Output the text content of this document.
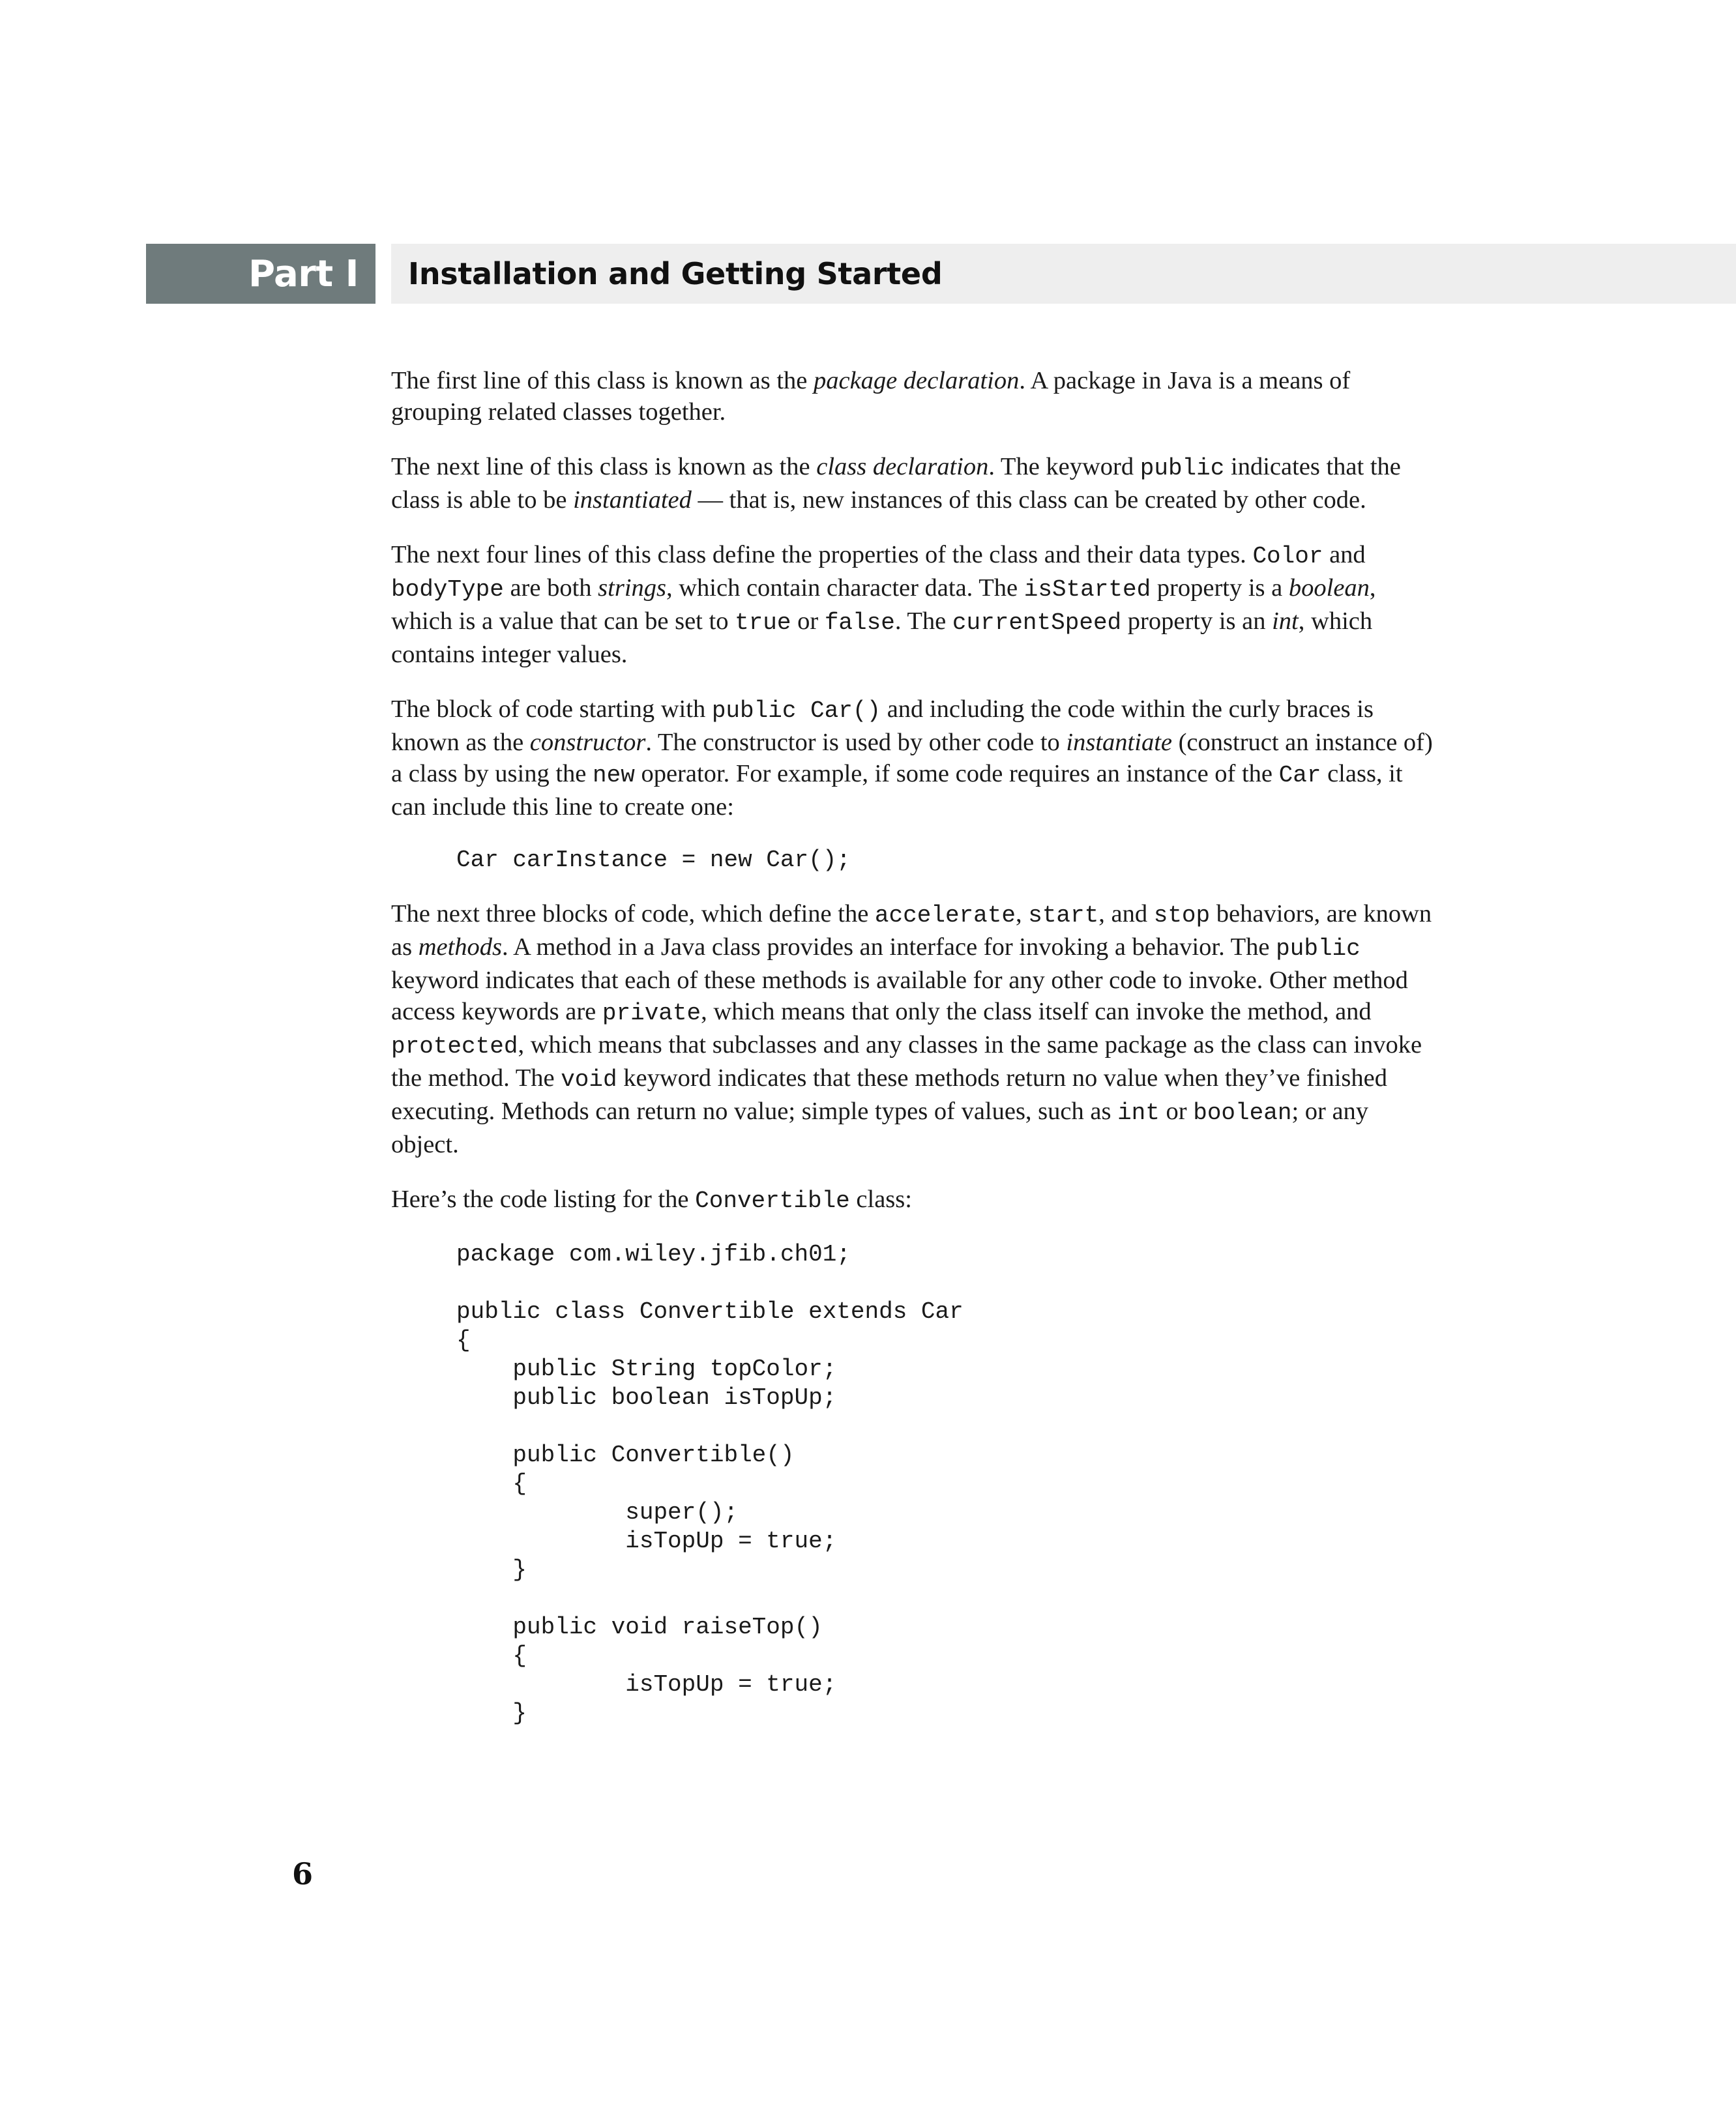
Part I Installation and Getting Started

The first line of this class is known as the package declaration. A package in Java is a means of grouping related classes together.

The next line of this class is known as the class declaration. The keyword public indicates that the class is able to be instantiated — that is, new instances of this class can be created by other code.

The next four lines of this class define the properties of the class and their data types. Color and bodyType are both strings, which contain character data. The isStarted property is a boolean, which is a value that can be set to true or false. The currentSpeed property is an int, which contains integer values.

The block of code starting with public Car() and including the code within the curly braces is known as the constructor. The constructor is used by other code to instantiate (construct an instance of) a class by using the new operator. For example, if some code requires an instance of the Car class, it can include this line to create one:

Car carInstance = new Car();

The next three blocks of code, which define the accelerate, start, and stop behaviors, are known as methods. A method in a Java class provides an interface for invoking a behavior. The public keyword indicates that each of these methods is available for any other code to invoke. Other method access keywords are private, which means that only the class itself can invoke the method, and protected, which means that subclasses and any classes in the same package as the class can invoke the method. The void keyword indicates that these methods return no value when they’ve finished executing. Methods can return no value; simple types of values, such as int or boolean; or any object.

Here’s the code listing for the Convertible class:

package com.wiley.jfib.ch01;

public class Convertible extends Car
{
public String topColor;
public boolean isTopUp;

public Convertible()
{
super();
isTopUp = true;
}

public void raiseTop()
{
isTopUp = true;
}
6
